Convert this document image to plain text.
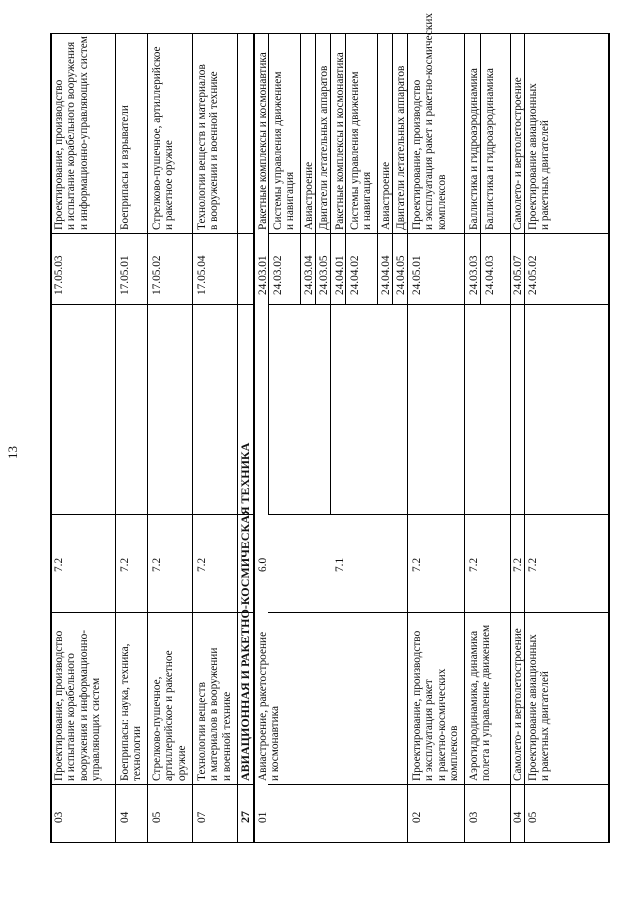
13
03
Проектирование, производство и испытание корабельного вооружения и информационно- управляющих систем
7.2
17.05.03
Проектирование, производство и испытание корабельного вооружения и информационно-управляющих систем
04
Боеприпасы: наука, техника, технологии
7.2
17.05.01
Боеприпасы и взрыватели
05
Стрелково-пушечное, артиллерийское и ракетное оружие
7.2
17.05.02
Стрелково-пушечное, артиллерийское и ракетное оружие
07
Технологии веществ и материалов в вооружении и военной технике
7.2
17.05.04
Технологии веществ и материалов в вооружении и военной технике
27
АВИАЦИОННАЯ И РАКЕТНО-КОСМИЧЕСКАЯ ТЕХНИКА
01
Авиастроение, ракетостроение и космонавтика
6.0	7.1
24.03.01
Ракетные комплексы и космонавтика
24.03.02
Системы управления движением и навигация
24.03.04
Авиастроение
24.03.05
Двигатели летательных аппаратов
24.04.01
Ракетные комплексы и космонавтика
24.04.02
Системы управления движением и навигация
24.04.04
Авиастроение
24.04.05
Двигатели летательных аппаратов
02
Проектирование, производство и эксплуатация ракет и ракетно-космических комплексов
7.2
24.05.01
Проектирование, производство и эксплуатация ракет и ракетно-космических комплексов
03
Аэрогидродинамика, динамика полета и управление движением
7.2
24.03.03
Баллистика и гидроаэродинамика
24.04.03
Баллистика и гидроаэродинамика
04
Самолето- и вертолетостроение
7.2
24.05.07
Самолето- и вертолетостроение
05
Проектирование авиационных и ракетных двигателей
7.2
24.05.02
Проектирование авиационных и ракетных двигателей
